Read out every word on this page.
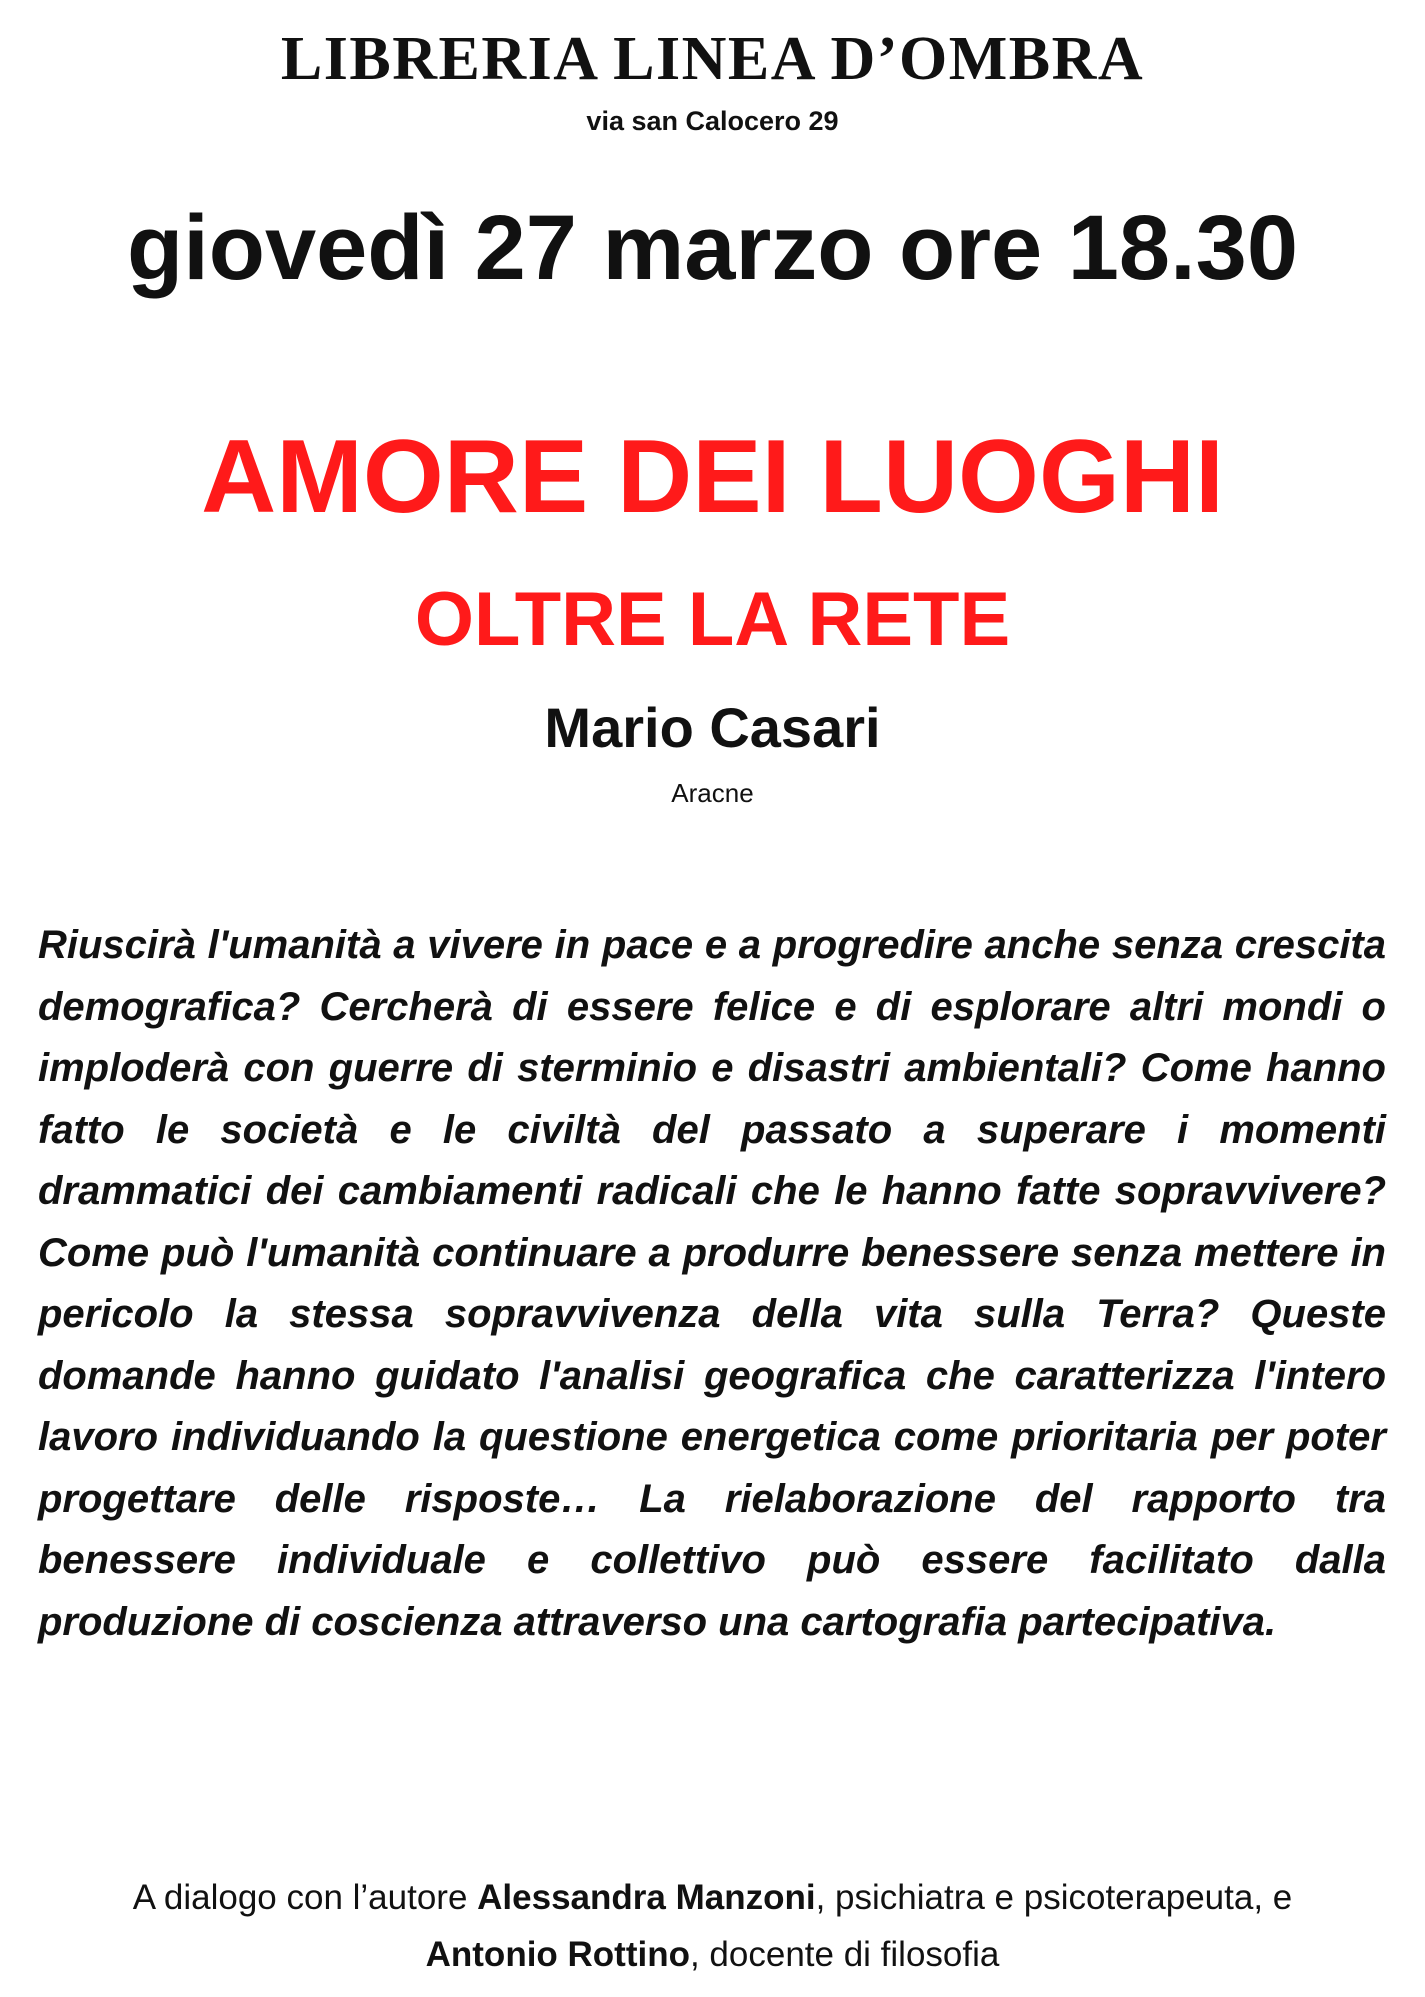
LIBRERIA LINEA D’OMBRA
via san Calocero 29
giovedì 27 marzo ore 18.30
AMORE DEI LUOGHI
OLTRE LA RETE
Mario Casari
Aracne
Riuscirà l'umanità a vivere in pace e a progredire anche senza crescita demografica? Cercherà di essere felice e di esplorare altri mondi o imploderà con guerre di sterminio e disastri ambientali? Come hanno fatto le società e le civiltà del passato a superare i momenti drammatici dei cambiamenti radicali che le hanno fatte sopravvivere? Come può l'umanità continuare a produrre benessere senza mettere in pericolo la stessa sopravvivenza della vita sulla Terra? Queste domande hanno guidato l'analisi geografica che caratterizza l'intero lavoro individuando la questione energetica come prioritaria per poter progettare delle risposte… La rielaborazione del rapporto tra benessere individuale e collettivo può essere facilitato dalla produzione di coscienza attraverso una cartografia partecipativa.
A dialogo con l’autore Alessandra Manzoni, psichiatra e psicoterapeuta, e
Antonio Rottino, docente di filosofia
